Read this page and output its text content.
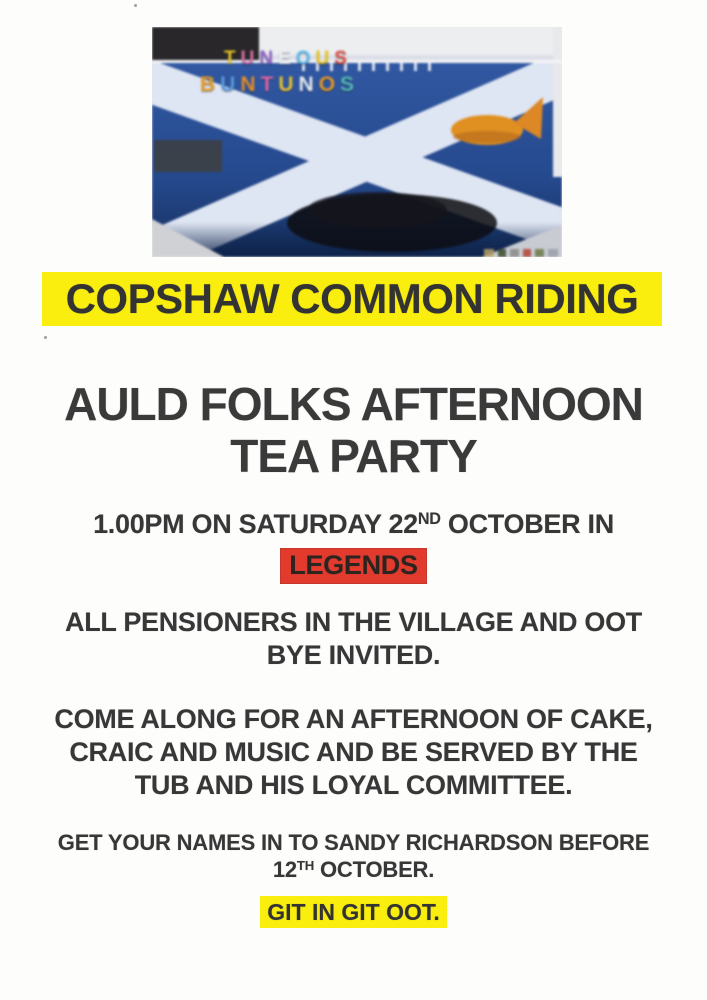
TUNEOUS
BUNTUNOS
COPSHAW COMMON RIDING
AULD FOLKS AFTERNOON
TEA PARTY
1.00PM ON SATURDAY 22ND OCTOBER IN
LEGENDS

ALL PENSIONERS IN THE VILLAGE AND OOT
BYE INVITED.

COME ALONG FOR AN AFTERNOON OF CAKE,
CRAIC AND MUSIC AND BE SERVED BY THE
TUB AND HIS LOYAL COMMITTEE.

GET YOUR NAMES IN TO SANDY RICHARDSON BEFORE
12TH OCTOBER.

GIT IN GIT OOT.
